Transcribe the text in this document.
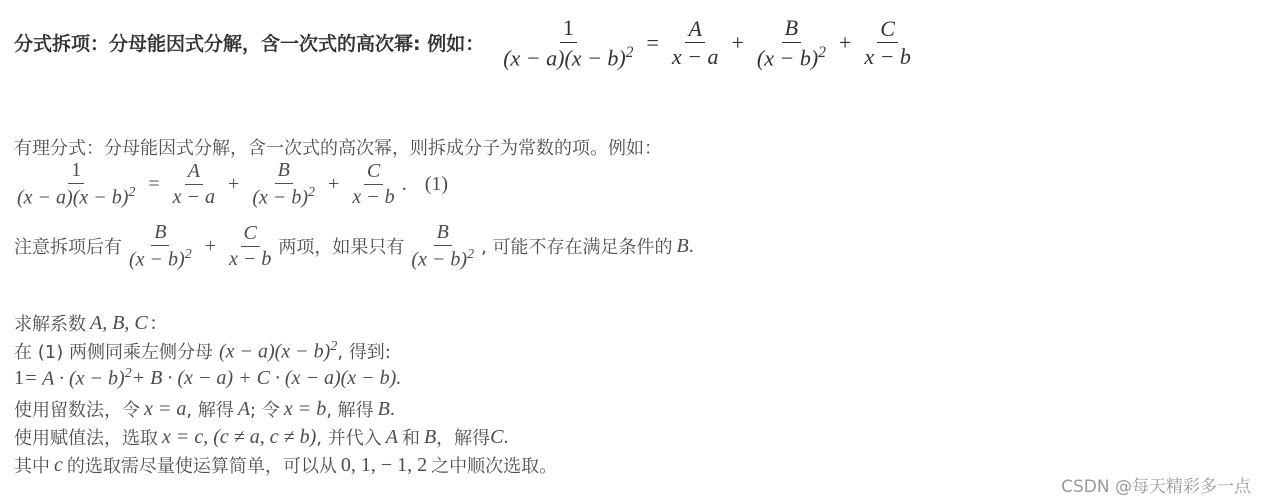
分式拆项：分母能因式分解，含一次式的高次幂: 例如： $\frac{1}{(x - a)(x - b)^2} = \frac{A}{x - a} + \frac{B}{(x - b)^2} + \frac{C}{x - b}$
有理分式：分母能因式分解，含一次式的高次幂，则拆成分子为常数的项。例如：
$\frac{1}{(x - a)(x - b)^2} = \frac{A}{x - a} + \frac{B}{(x - b)^2} + \frac{C}{x - b}$ . (1)
注意拆项后有 $\frac{B}{(x - b)^2} + \frac{C}{x - b}$ 两项，如果只有 $\frac{B}{(x - b)^2}$ , 可能不存在满足条件的 B .
求解系数 A, B, C :
在 (1) 两侧同乘左侧分母 $(x - a)(x - b)^2$ , 得到:
$1 = A \cdot (x - b)^2 + B \cdot (x - a) + C \cdot (x - a)(x - b)$.
使用留数法，令 x = a , 解得 A ; 令 x = b , 解得 B .
使用赋值法，选取 x = c, (c ≠ a, c ≠ b) , 并代入 A 和 B ，解得 C .
其中 c 的选取需尽量使运算简单，可以从 0, 1, − 1, 2 之中顺次选取。
CSDN @每天精彩多一点
